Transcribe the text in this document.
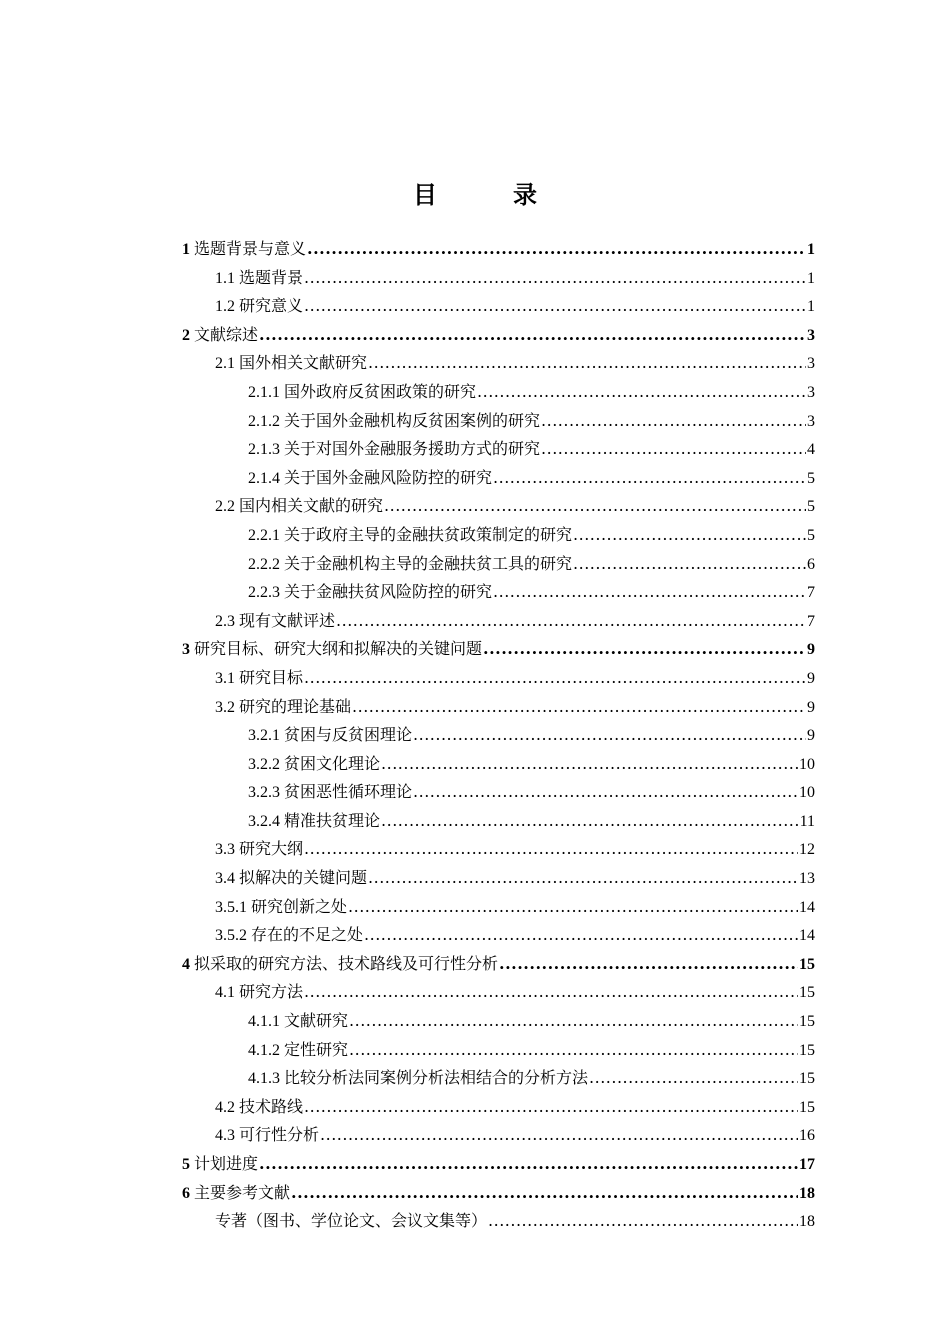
目　录
1 选题背景与意义 .....	1
1.1 选题背景 .....	1
1.2 研究意义 .....	1
2 文献综述 .....	3
2.1 国外相关文献研究 .....	3
2.1.1 国外政府反贫困政策的研究 .....	3
2.1.2 关于国外金融机构反贫困案例的研究 .....	3
2.1.3 关于对国外金融服务援助方式的研究 .....	4
2.1.4 关于国外金融风险防控的研究 .....	5
2.2 国内相关文献的研究 .....	5
2.2.1 关于政府主导的金融扶贫政策制定的研究 .....	5
2.2.2 关于金融机构主导的金融扶贫工具的研究 .....	6
2.2.3 关于金融扶贫风险防控的研究 .....	7
2.3 现有文献评述 .....	7
3 研究目标、研究大纲和拟解决的关键问题 .....	9
3.1 研究目标 .....	9
3.2 研究的理论基础 .....	9
3.2.1 贫困与反贫困理论 .....	9
3.2.2 贫困文化理论 .....	10
3.2.3 贫困恶性循环理论 .....	10
3.2.4 精准扶贫理论 .....	11
3.3 研究大纲 .....	12
3.4 拟解决的关键问题 .....	13
3.5.1 研究创新之处 .....	14
3.5.2 存在的不足之处 .....	14
4 拟采取的研究方法、技术路线及可行性分析 .....	15
4.1 研究方法 .....	15
4.1.1 文献研究 .....	15
4.1.2 定性研究 .....	15
4.1.3 比较分析法同案例分析法相结合的分析方法 .....	15
4.2 技术路线 .....	15
4.3 可行性分析 .....	16
5 计划进度 .....	17
6 主要参考文献 .....	18
专著（图书、学位论文、会议文集等） .....	18
